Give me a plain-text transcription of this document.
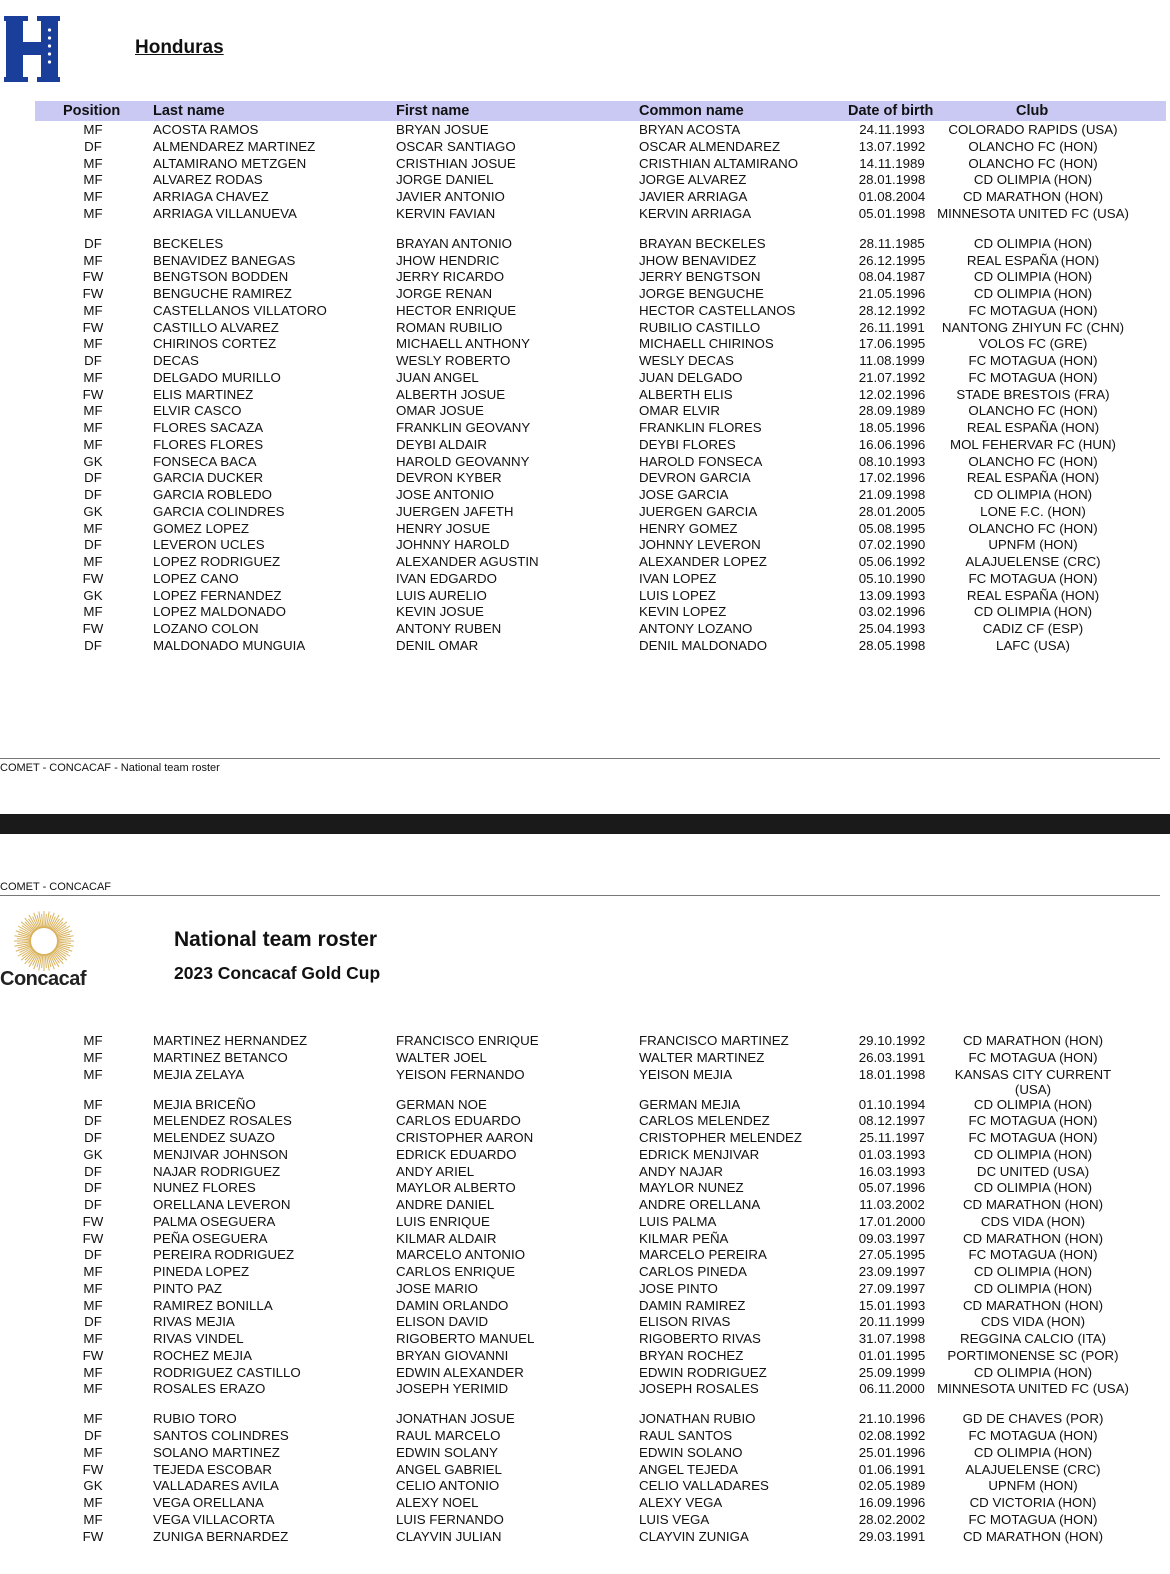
Honduras
Position Last name	First name	Common name	Date of birth	Club
MF	ACOSTA RAMOS	BRYAN JOSUE	BRYAN ACOSTA	24.11.1993	COLORADO RAPIDS (USA)
DF	ALMENDAREZ MARTINEZ	OSCAR SANTIAGO	OSCAR ALMENDAREZ	13.07.1992	OLANCHO FC (HON)
MF	ALTAMIRANO METZGEN	CRISTHIAN JOSUE	CRISTHIAN ALTAMIRANO	14.11.1989	OLANCHO FC (HON)
MF	ALVAREZ RODAS	JORGE DANIEL	JORGE ALVAREZ	28.01.1998	CD OLIMPIA (HON)
MF	ARRIAGA CHAVEZ	JAVIER ANTONIO	JAVIER ARRIAGA	01.08.2004	CD MARATHON (HON)
MF	ARRIAGA VILLANUEVA	KERVIN FAVIAN	KERVIN ARRIAGA	05.01.1998 MINNESOTA UNITED FC (USA)
DF	BECKELES	BRAYAN ANTONIO	BRAYAN BECKELES	28.11.1985	CD OLIMPIA (HON)
MF	BENAVIDEZ BANEGAS	JHOW HENDRIC	JHOW BENAVIDEZ	26.12.1995	REAL ESPAÑA (HON)
FW	BENGTSON BODDEN	JERRY RICARDO	JERRY BENGTSON	08.04.1987	CD OLIMPIA (HON)
FW	BENGUCHE RAMIREZ	JORGE RENAN	JORGE BENGUCHE	21.05.1996	CD OLIMPIA (HON)
MF	CASTELLANOS VILLATORO	HECTOR ENRIQUE	HECTOR CASTELLANOS	28.12.1992	FC MOTAGUA (HON)
FW	CASTILLO ALVAREZ	ROMAN RUBILIO	RUBILIO CASTILLO	26.11.1991	NANTONG ZHIYUN FC (CHN)
MF	CHIRINOS CORTEZ	MICHAELL ANTHONY	MICHAELL CHIRINOS	17.06.1995	VOLOS FC (GRE)
DF	DECAS	WESLY ROBERTO	WESLY DECAS	11.08.1999	FC MOTAGUA (HON)
MF	DELGADO MURILLO	JUAN ANGEL	JUAN DELGADO	21.07.1992	FC MOTAGUA (HON)
FW	ELIS MARTINEZ	ALBERTH JOSUE	ALBERTH ELIS	12.02.1996	STADE BRESTOIS (FRA)
MF	ELVIR CASCO	OMAR JOSUE	OMAR ELVIR	28.09.1989	OLANCHO FC (HON)
MF	FLORES SACAZA	FRANKLIN GEOVANY	FRANKLIN FLORES	18.05.1996	REAL ESPAÑA (HON)
MF	FLORES FLORES	DEYBI ALDAIR	DEYBI FLORES	16.06.1996	MOL FEHERVAR FC (HUN)
GK	FONSECA BACA	HAROLD GEOVANNY	HAROLD FONSECA	08.10.1993	OLANCHO FC (HON)
DF	GARCIA DUCKER	DEVRON KYBER	DEVRON GARCIA	17.02.1996	REAL ESPAÑA (HON)
DF	GARCIA ROBLEDO	JOSE ANTONIO	JOSE GARCIA	21.09.1998	CD OLIMPIA (HON)
GK	GARCIA COLINDRES	JUERGEN JAFETH	JUERGEN GARCIA	28.01.2005	LONE F.C. (HON)
MF	GOMEZ LOPEZ	HENRY JOSUE	HENRY GOMEZ	05.08.1995	OLANCHO FC (HON)
DF	LEVERON UCLES	JOHNNY HAROLD	JOHNNY LEVERON	07.02.1990	UPNFM (HON)
MF	LOPEZ RODRIGUEZ	ALEXANDER AGUSTIN	ALEXANDER LOPEZ	05.06.1992	ALAJUELENSE (CRC)
FW	LOPEZ CANO	IVAN EDGARDO	IVAN LOPEZ	05.10.1990	FC MOTAGUA (HON)
GK	LOPEZ FERNANDEZ	LUIS AURELIO	LUIS LOPEZ	13.09.1993	REAL ESPAÑA (HON)
MF	LOPEZ MALDONADO	KEVIN JOSUE	KEVIN LOPEZ	03.02.1996	CD OLIMPIA (HON)
FW	LOZANO COLON	ANTONY RUBEN	ANTONY LOZANO	25.04.1993	CADIZ CF (ESP)
DF	MALDONADO MUNGUIA	DENIL OMAR	DENIL MALDONADO	28.05.1998	LAFC (USA)
COMET - CONCACAF - National team roster
COMET - CONCACAF
Concacaf
National team roster
2023 Concacaf Gold Cup
MF	MARTINEZ HERNANDEZ	FRANCISCO ENRIQUE	FRANCISCO MARTINEZ	29.10.1992	CD MARATHON (HON)
MF	MARTINEZ BETANCO	WALTER JOEL	WALTER MARTINEZ	26.03.1991	FC MOTAGUA (HON)
MF	MEJIA ZELAYA	YEISON FERNANDO	YEISON MEJIA	18.01.1998	KANSAS CITY CURRENT (USA)
MF	MEJIA BRICEÑO	GERMAN NOE	GERMAN MEJIA	01.10.1994	CD OLIMPIA (HON)
DF	MELENDEZ ROSALES	CARLOS EDUARDO	CARLOS MELENDEZ	08.12.1997	FC MOTAGUA (HON)
DF	MELENDEZ SUAZO	CRISTOPHER AARON	CRISTOPHER MELENDEZ	25.11.1997	FC MOTAGUA (HON)
GK	MENJIVAR JOHNSON	EDRICK EDUARDO	EDRICK MENJIVAR	01.03.1993	CD OLIMPIA (HON)
DF	NAJAR RODRIGUEZ	ANDY ARIEL	ANDY NAJAR	16.03.1993	DC UNITED (USA)
DF	NUNEZ FLORES	MAYLOR ALBERTO	MAYLOR NUNEZ	05.07.1996	CD OLIMPIA (HON)
DF	ORELLANA LEVERON	ANDRE DANIEL	ANDRE ORELLANA	11.03.2002	CD MARATHON (HON)
FW	PALMA OSEGUERA	LUIS ENRIQUE	LUIS PALMA	17.01.2000	CDS VIDA (HON)
FW	PEÑA OSEGUERA	KILMAR ALDAIR	KILMAR PEÑA	09.03.1997	CD MARATHON (HON)
DF	PEREIRA RODRIGUEZ	MARCELO ANTONIO	MARCELO PEREIRA	27.05.1995	FC MOTAGUA (HON)
MF	PINEDA LOPEZ	CARLOS ENRIQUE	CARLOS PINEDA	23.09.1997	CD OLIMPIA (HON)
MF	PINTO PAZ	JOSE MARIO	JOSE PINTO	27.09.1997	CD OLIMPIA (HON)
MF	RAMIREZ BONILLA	DAMIN ORLANDO	DAMIN RAMIREZ	15.01.1993	CD MARATHON (HON)
DF	RIVAS MEJIA	ELISON DAVID	ELISON RIVAS	20.11.1999	CDS VIDA (HON)
MF	RIVAS VINDEL	RIGOBERTO MANUEL	RIGOBERTO RIVAS	31.07.1998	REGGINA CALCIO (ITA)
FW	ROCHEZ MEJIA	BRYAN GIOVANNI	BRYAN ROCHEZ	01.01.1995	PORTIMONENSE SC (POR)
MF	RODRIGUEZ CASTILLO	EDWIN ALEXANDER	EDWIN RODRIGUEZ	25.09.1999	CD OLIMPIA (HON)
MF	ROSALES ERAZO	JOSEPH YERIMID	JOSEPH ROSALES	06.11.2000 MINNESOTA UNITED FC (USA)
MF	RUBIO TORO	JONATHAN JOSUE	JONATHAN RUBIO	21.10.1996	GD DE CHAVES (POR)
DF	SANTOS COLINDRES	RAUL MARCELO	RAUL SANTOS	02.08.1992	FC MOTAGUA (HON)
MF	SOLANO MARTINEZ	EDWIN SOLANY	EDWIN SOLANO	25.01.1996	CD OLIMPIA (HON)
FW	TEJEDA ESCOBAR	ANGEL GABRIEL	ANGEL TEJEDA	01.06.1991	ALAJUELENSE (CRC)
GK	VALLADARES AVILA	CELIO ANTONIO	CELIO VALLADARES	02.05.1989	UPNFM (HON)
MF	VEGA ORELLANA	ALEXY NOEL	ALEXY VEGA	16.09.1996	CD VICTORIA (HON)
MF	VEGA VILLACORTA	LUIS FERNANDO	LUIS VEGA	28.02.2002	FC MOTAGUA (HON)
FW	ZUNIGA BERNARDEZ	CLAYVIN JULIAN	CLAYVIN ZUNIGA	29.03.1991	CD MARATHON (HON)
